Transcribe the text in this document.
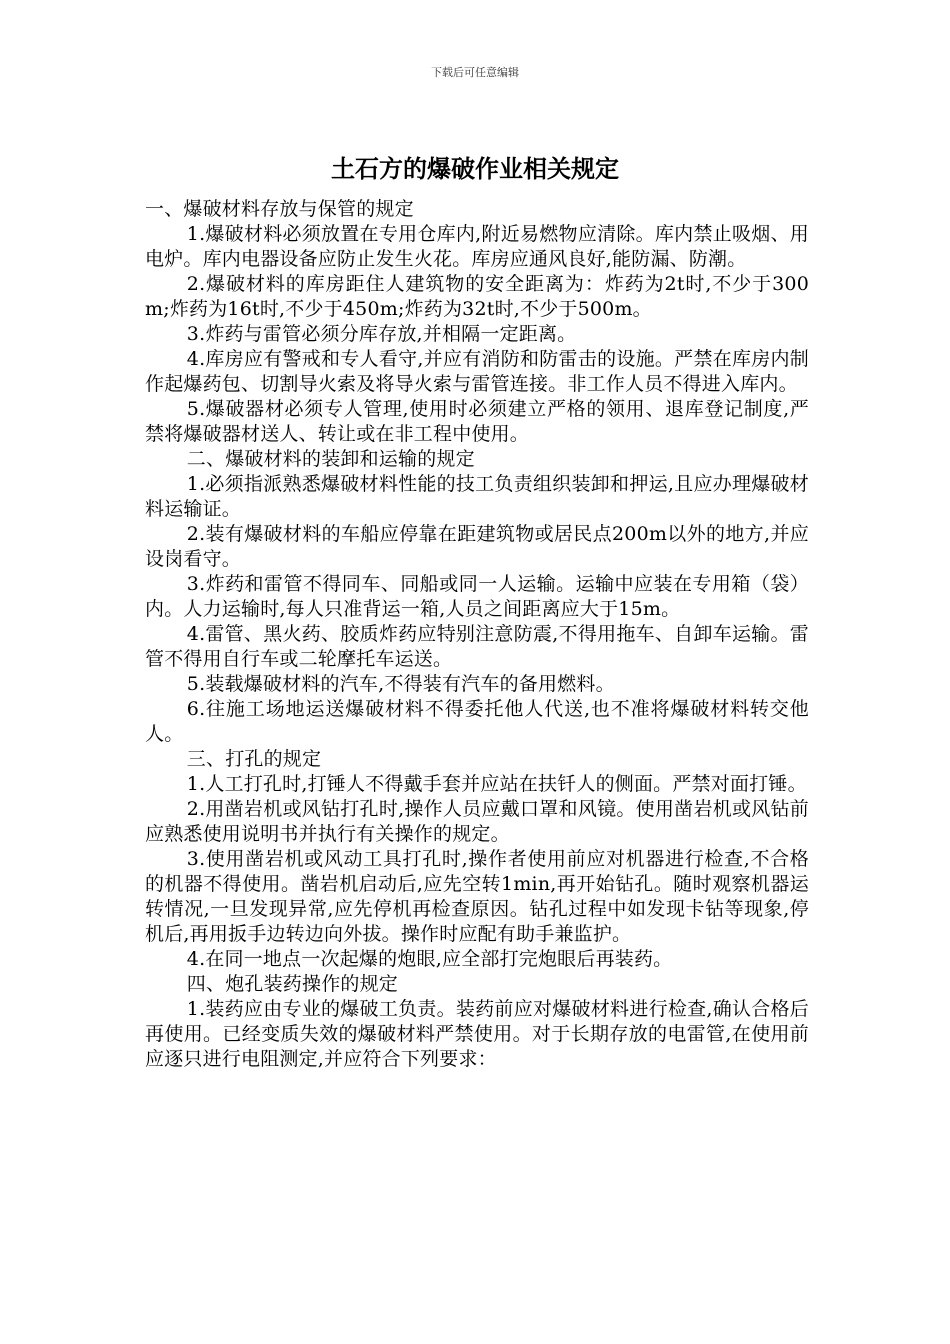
下载后可任意编辑
土石方的爆破作业相关规定

一、爆破材料存放与保管的规定

1.爆破材料必须放置在专用仓库内,附近易燃物应清除。库内禁止吸烟、用电炉。库内电器设备应防止发生火花。库房应通风良好,能防漏、防潮。

2.爆破材料的库房距住人建筑物的安全距离为：炸药为2t时,不少于300m;炸药为16t时,不少于450m;炸药为32t时,不少于500m。

3.炸药与雷管必须分库存放,并相隔一定距离。

4.库房应有警戒和专人看守,并应有消防和防雷击的设施。严禁在库房内制作起爆药包、切割导火索及将导火索与雷管连接。非工作人员不得进入库内。

5.爆破器材必须专人管理,使用时必须建立严格的领用、退库登记制度,严禁将爆破器材送人、转让或在非工程中使用。

二、爆破材料的装卸和运输的规定

1.必须指派熟悉爆破材料性能的技工负责组织装卸和押运,且应办理爆破材料运输证。

2.装有爆破材料的车船应停靠在距建筑物或居民点200m以外的地方,并应设岗看守。

3.炸药和雷管不得同车、同船或同一人运输。运输中应装在专用箱（袋）内。人力运输时,每人只准背运一箱,人员之间距离应大于15m。

4.雷管、黑火药、胶质炸药应特别注意防震,不得用拖车、自卸车运输。雷管不得用自行车或二轮摩托车运送。

5.装载爆破材料的汽车,不得装有汽车的备用燃料。

6.往施工场地运送爆破材料不得委托他人代送,也不准将爆破材料转交他人。

三、打孔的规定

1.人工打孔时,打锤人不得戴手套并应站在扶钎人的侧面。严禁对面打锤。

2.用凿岩机或风钻打孔时,操作人员应戴口罩和风镜。使用凿岩机或风钻前应熟悉使用说明书并执行有关操作的规定。

3.使用凿岩机或风动工具打孔时,操作者使用前应对机器进行检查,不合格的机器不得使用。凿岩机启动后,应先空转1min,再开始钻孔。随时观察机器运转情况,一旦发现异常,应先停机再检查原因。钻孔过程中如发现卡钻等现象,停机后,再用扳手边转边向外拔。操作时应配有助手兼监护。

4.在同一地点一次起爆的炮眼,应全部打完炮眼后再装药。

四、炮孔装药操作的规定

1.装药应由专业的爆破工负责。装药前应对爆破材料进行检查,确认合格后再使用。已经变质失效的爆破材料严禁使用。对于长期存放的电雷管,在使用前应逐只进行电阻测定,并应符合下列要求：
